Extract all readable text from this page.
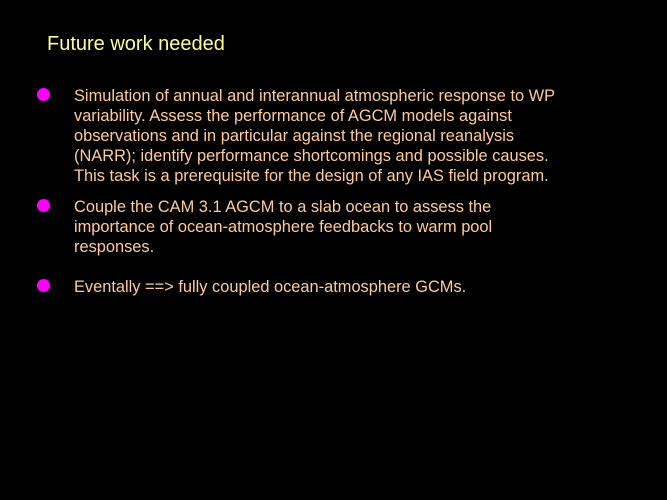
Future work needed
Simulation of annual and interannual atmospheric response to WP
variability. Assess the performance of AGCM models against
observations and in particular against the regional reanalysis
(NARR); identify performance shortcomings and possible causes.
This task is a prerequisite for the design of any IAS field program.
Couple the CAM 3.1 AGCM to a slab ocean to assess the
importance of ocean-atmosphere feedbacks to warm pool
responses.
Eventally ==> fully coupled ocean-atmosphere GCMs.
